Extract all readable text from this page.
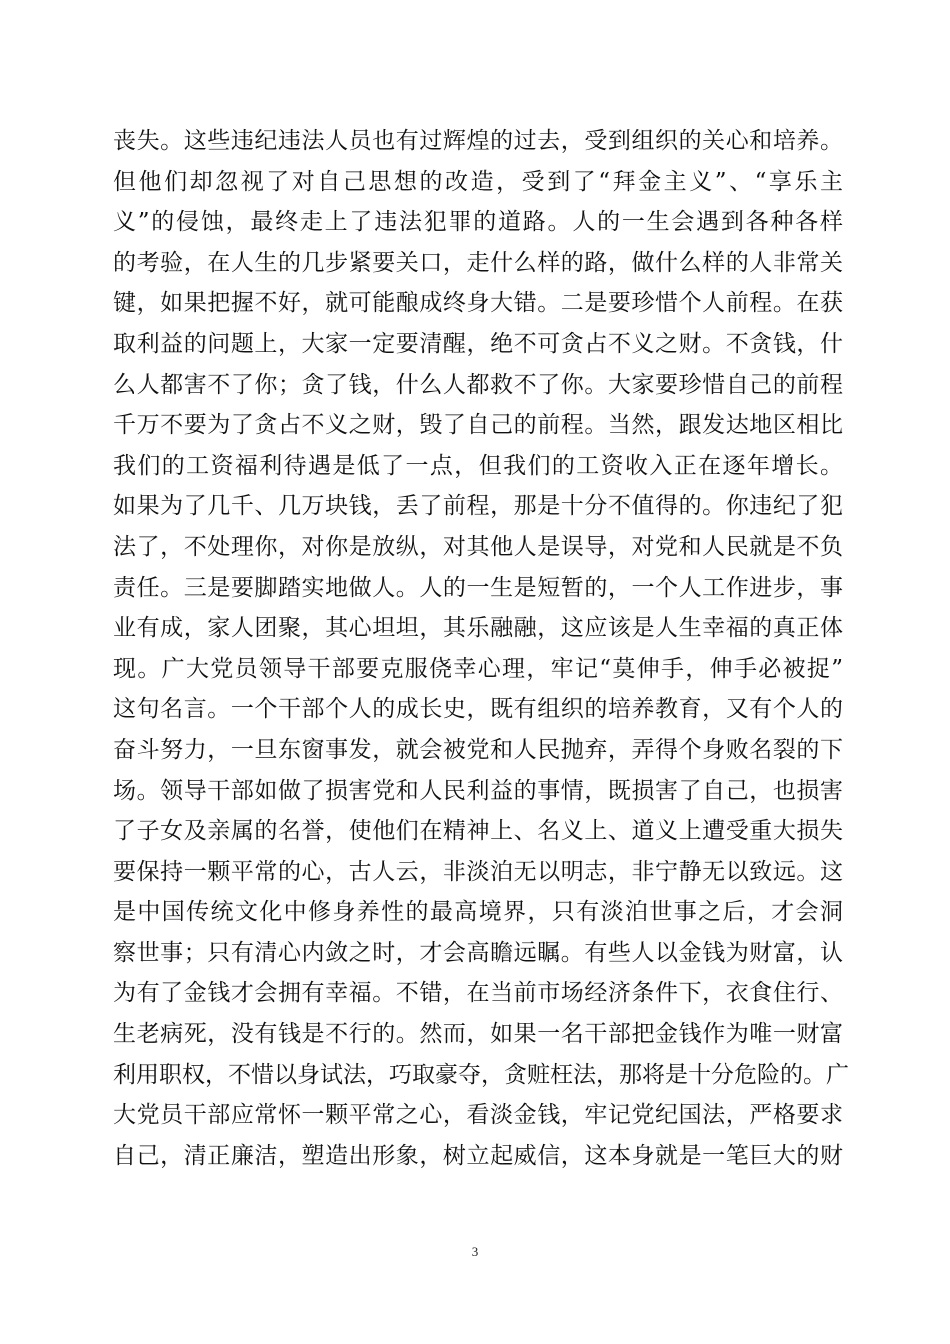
丧失。这些违纪违法人员也有过辉煌的过去，受到组织的关心和培养。
但他们却忽视了对自己思想的改造，受到了“拜金主义”、“享乐主
义”的侵蚀，最终走上了违法犯罪的道路。人的一生会遇到各种各样
的考验，在人生的几步紧要关口，走什么样的路，做什么样的人非常关
键，如果把握不好，就可能酿成终身大错。二是要珍惜个人前程。在获
取利益的问题上，大家一定要清醒，绝不可贪占不义之财。不贪钱，什
么人都害不了你；贪了钱，什么人都救不了你。大家要珍惜自己的前程
千万不要为了贪占不义之财，毁了自己的前程。当然，跟发达地区相比
我们的工资福利待遇是低了一点，但我们的工资收入正在逐年增长。
如果为了几千、几万块钱，丢了前程，那是十分不值得的。你违纪了犯
法了，不处理你，对你是放纵，对其他人是误导，对党和人民就是不负
责任。三是要脚踏实地做人。人的一生是短暂的，一个人工作进步，事
业有成，家人团聚，其心坦坦，其乐融融，这应该是人生幸福的真正体
现。广大党员领导干部要克服侥幸心理，牢记“莫伸手，伸手必被捉”
这句名言。一个干部个人的成长史，既有组织的培养教育，又有个人的
奋斗努力，一旦东窗事发，就会被党和人民抛弃，弄得个身败名裂的下
场。领导干部如做了损害党和人民利益的事情，既损害了自己，也损害
了子女及亲属的名誉，使他们在精神上、名义上、道义上遭受重大损失
要保持一颗平常的心，古人云，非淡泊无以明志，非宁静无以致远。这
是中国传统文化中修身养性的最高境界，只有淡泊世事之后，才会洞
察世事；只有清心内敛之时，才会高瞻远瞩。有些人以金钱为财富，认
为有了金钱才会拥有幸福。不错，在当前市场经济条件下，衣食住行、
生老病死，没有钱是不行的。然而，如果一名干部把金钱作为唯一财富
利用职权，不惜以身试法，巧取豪夺，贪赃枉法，那将是十分危险的。广
大党员干部应常怀一颗平常之心，看淡金钱，牢记党纪国法，严格要求
自己，清正廉洁，塑造出形象，树立起威信，这本身就是一笔巨大的财
3
